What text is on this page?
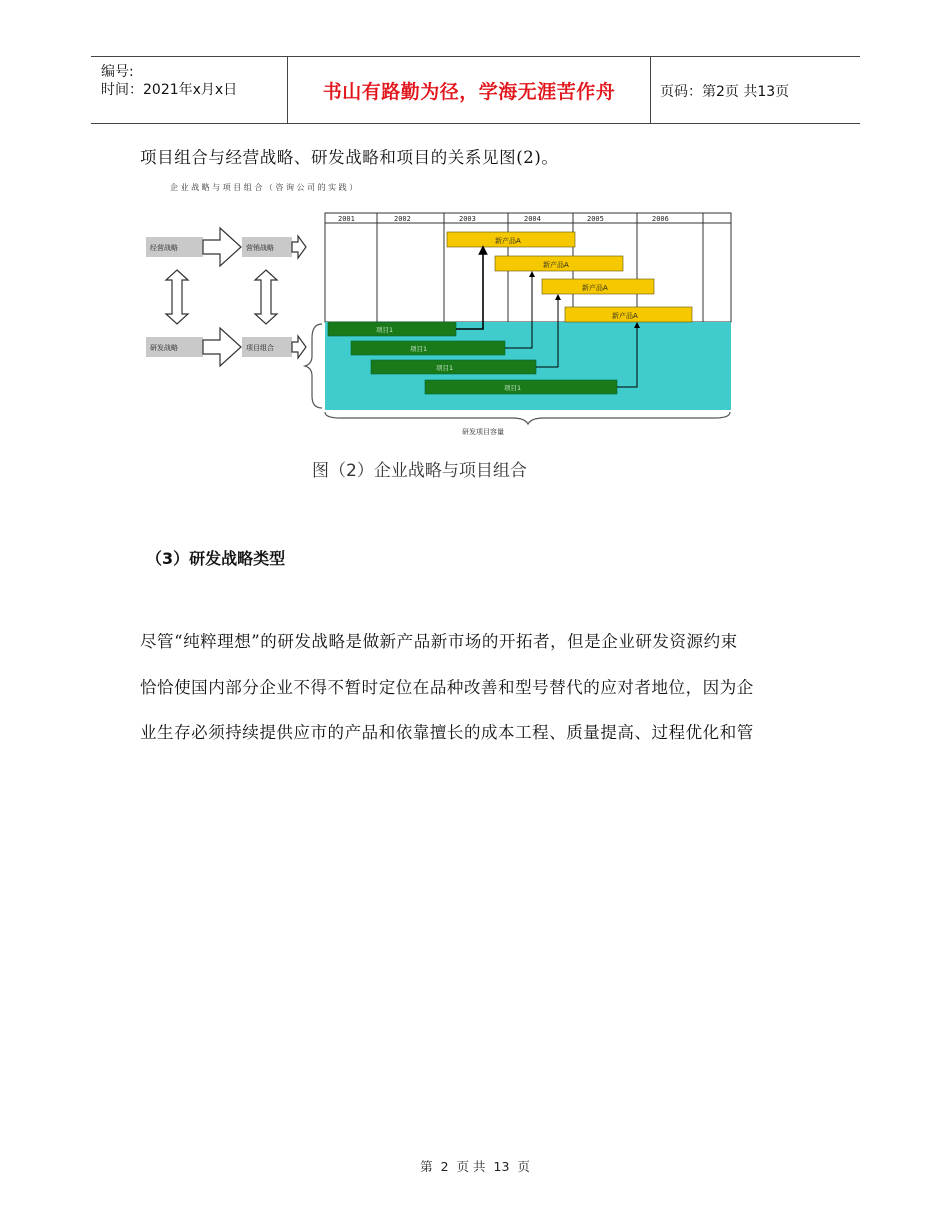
编号:
时间：2021年x月x日	书山有路勤为径，学海无涯苦作舟	页码：第2页 共13页
项目组合与经营战略、研发战略和项目的关系见图(2)。
企 业 战 略 与 项 目 组 合 （ 咨 询 公 司 的 实 践 ）
2001	2002	2003	2004	2005	2006
研发项目容量
新产品A
新产品A
新产品A
新产品A
项目1
项目1
项目1
项目1
经营战略	营销战略
研发战略	项目组合
图（2）企业战略与项目组合
（3）研发战略类型
尽管“纯粹理想”的研发战略是做新产品新市场的开拓者，但是企业研发资源约束
恰恰使国内部分企业不得不暂时定位在品种改善和型号替代的应对者地位，因为企
业生存必须持续提供应市的产品和依靠擅长的成本工程、质量提高、过程优化和管
第 2 页 共 13 页
